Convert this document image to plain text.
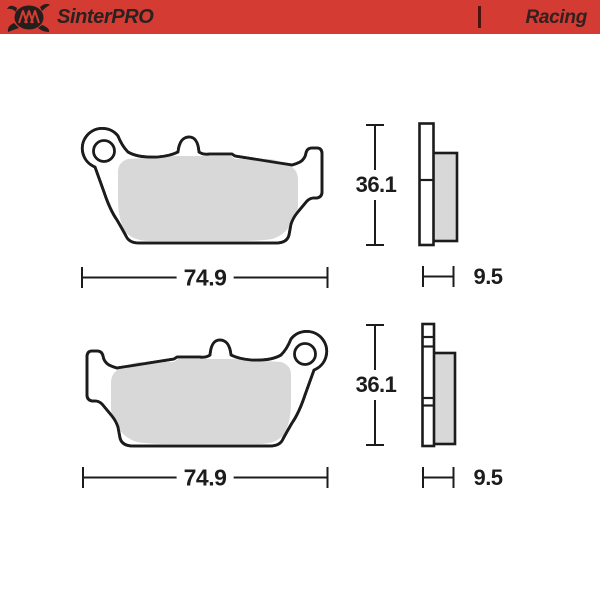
SinterPRO	Racing
74.9
36.1
9.5
74.9
36.1
9.5
